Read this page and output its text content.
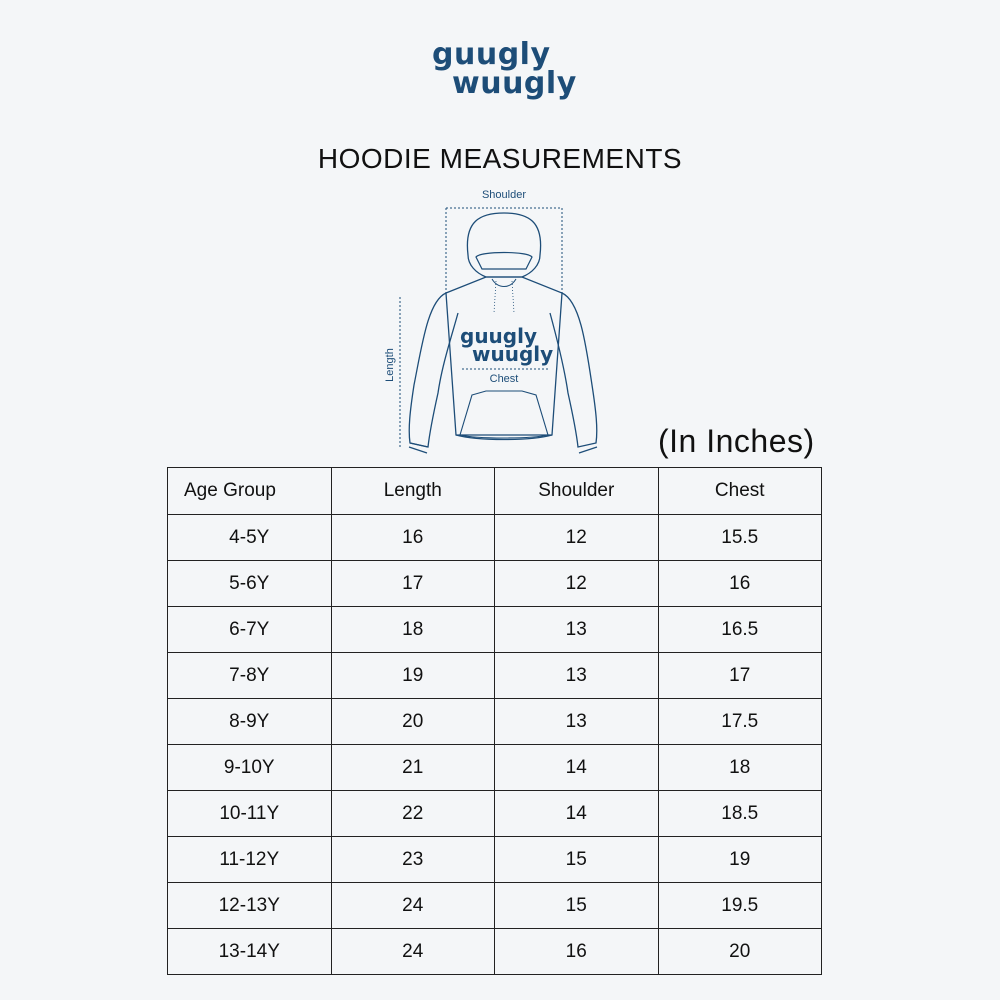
guugly
wuugly
HOODIE MEASUREMENTS
Shoulder
Length
guugly
wuugly
Chest
(In Inches)
Age Group	Length	Shoulder	Chest
4-5Y	16	12	15.5
5-6Y	17	12	16
6-7Y	18	13	16.5
7-8Y	19	13	17
8-9Y	20	13	17.5
9-10Y	21	14	18
10-11Y	22	14	18.5
11-12Y	23	15	19
12-13Y	24	15	19.5
13-14Y	24	16	20
